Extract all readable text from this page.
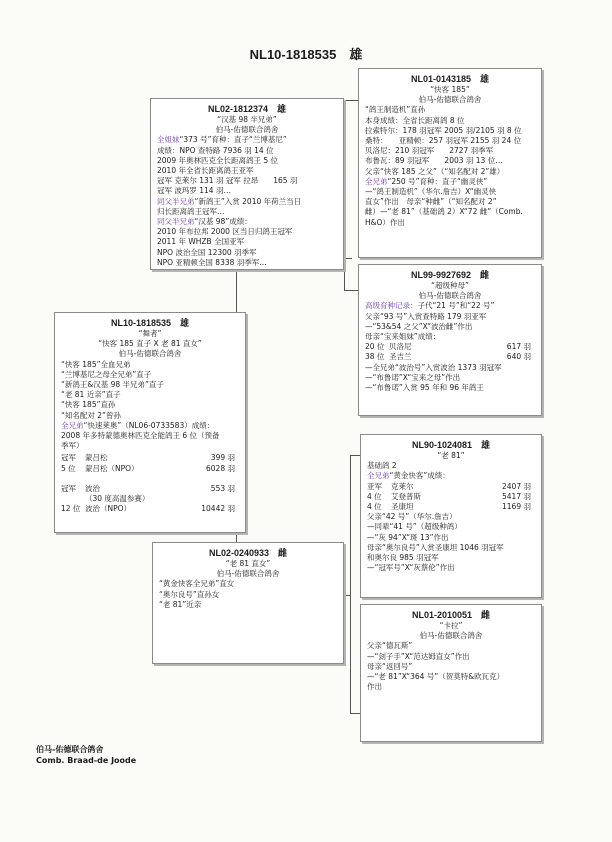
NL10-1818535　雄
NL02-1812374　雄
“汉基 98 半兄弟”
伯马-佑德联合鸽舍
全姐妹“373 号”育种：直子“兰博基尼”
成绩：NPO 查特路 7936 羽 14 位
2009 年奥林匹克全长距离鸽王 5 位
2010 年全省长距离鸽王亚军
冠军 克莱尔 131 羽 冠军 拉昂　　165 羽
冠军 波玛罗 114 羽…
同父半兄弟“新鸽王”入赏 2010 年荷兰当日
归长距离鸽王冠军…
同父半兄弟“汉基 98”成绩：
2010 年布拉邦 2000 区当日归鸽王冠军
2011 年 WHZB 全国亚军
NPO 波治全国 12300 羽季军
NPO 亚精顿全国 8338 羽季军…
NL10-1818535　雄
“舞者”
“快客 185 直子 X 老 81 直女”
伯马-佑德联合鸽舍
“快客 185”全血兄弟
“兰博基尼之母全兄弟”直子
“新鸽王&汉基 98 半兄弟”直子
“老 81 近亲”直子
“快客 185”直孙
“知名配对 2”曾孙
全兄弟“快速莱奥”（NL06-0733583）成绩：
2008 年多特蒙德奥林匹克全能鸽王 6 位（预备
季军）
冠军	蒙吕松	399 羽
5 位	蒙吕松（NPO）	6028 羽

冠军	波治	553 羽

（30 度高温参赛）

12 位 波治（NPO）	10442 羽
NL02-0240933　雌
“老 81 直女”
伯马-佑德联合鸽舍
“黄金快客全兄弟”直女
“奥尔良号”直孙女
“老 81”近亲
NL01-0143185　雄
“快客 185”
伯马-佑德联合鸽舍
“鸽王制造机”直孙
本身成绩：全省长距离鸽 8 位
拉索特尔：178 羽冠军 2005 羽/2105 羽 8 位
桑特：　　亚精顿：257 羽冠军 2155 羽 24 位
贝洛尼：210 羽冠军　　2727 羽季军
布鲁瓦：89 羽冠军　　2003 羽 13 位…
父亲“快客 185 之父”（“知名配对 2”雄）
全兄弟“250 号”育种：直子“幽灵侠”
—“鸽王制造机”（华尔.詹吉）X“幽灵侠
直女”作出　母亲“种雌”（“知名配对 2”
雌）—“老 81”（基础鸽 2）X“72 雌”（Comb.
H&O）作出
NL99-9927692　雌
“超级种母”
伯马-佑德联合鸽舍
高级育种记录：子代“21 号”和“22 号”
父亲“93 号”入赏查特路 179 羽亚军
—“53&54 之父”X“波治雌”作出
母亲“宝来姐妹”成绩：
20 位 贝洛尼	617 羽
38 位 圣吉兰	640 羽
—全兄弟“波治号”入赏波治 1373 羽冠军
—“布鲁诺”X“宝来之母”作出
—“布鲁诺”入赏 95 年和 96 年鸽王
NL90-1024081　雄
“老 81”
基础鸽 2
全兄弟“黄金快客”成绩：
亚军	克莱尔	2407 羽
4 位	艾登普斯	5417 羽
4 位	圣康坦	1169 羽
父亲“42 号”（华尔.詹吉）
—同辈“41 号”（超级种鸽）
—“灰 94”X“斑 13”作出
母亲“奥尔良号”入赏圣康坦 1046 羽冠军
和奥尔良 985 羽冠军
—“冠军号”X“灰蔡伦”作出
NL01-2010051　雌
“卡拉”
伯马-佑德联合鸽舍
父亲“德瓦斯”
—“刽子手”X“范达姆直女”作出
母亲“返回号”
—“老 81”X“364 号”（贺莫特&欧瓦克）
作出
伯马-佑德联合鸽舍
Comb. Braad-de Joode
